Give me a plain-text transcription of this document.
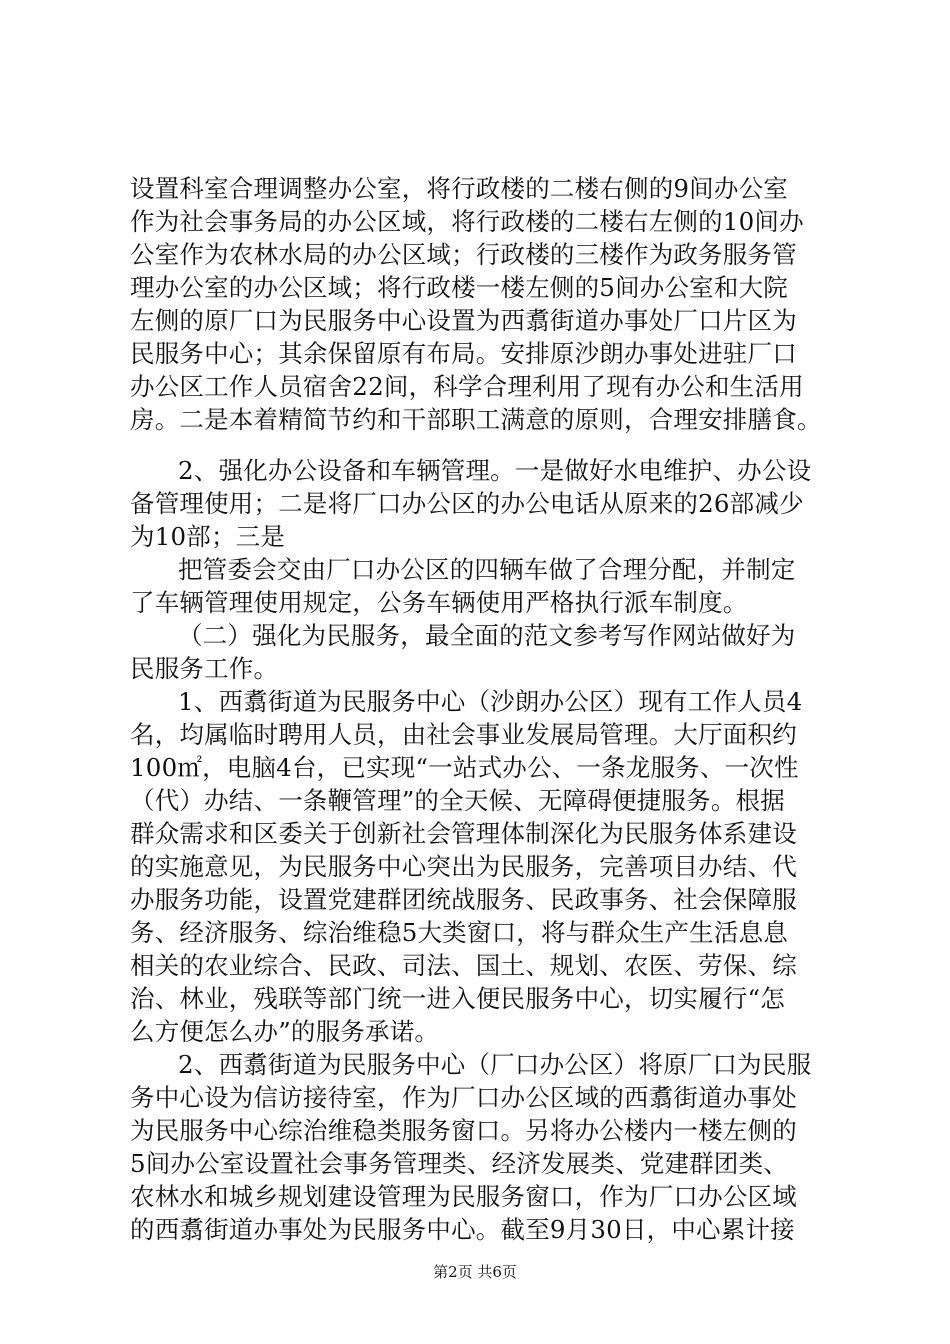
设置科室合理调整办公室，将行政楼的二楼右侧的9间办公室
作为社会事务局的办公区域，将行政楼的二楼右左侧的10间办
公室作为农林水局的办公区域；行政楼的三楼作为政务服务管
理办公室的办公区域；将行政楼一楼左侧的5间办公室和大院
左侧的原厂口为民服务中心设置为西翥街道办事处厂口片区为
民服务中心；其余保留原有布局。安排原沙朗办事处进驻厂口
办公区工作人员宿舍22间，科学合理利用了现有办公和生活用
房。二是本着精简节约和干部职工满意的原则，合理安排膳食。
2、强化办公设备和车辆管理。一是做好水电维护、办公设
备管理使用；二是将厂口办公区的办公电话从原来的26部减少
为10部；三是
把管委会交由厂口办公区的四辆车做了合理分配，并制定
了车辆管理使用规定，公务车辆使用严格执行派车制度。
（二）强化为民服务，最全面的范文参考写作网站做好为
民服务工作。
1、西翥街道为民服务中心（沙朗办公区）现有工作人员4
名，均属临时聘用人员，由社会事业发展局管理。大厅面积约
100㎡，电脑4台，已实现“一站式办公、一条龙服务、一次性
（代）办结、一条鞭管理”的全天候、无障碍便捷服务。根据
群众需求和区委关于创新社会管理体制深化为民服务体系建设
的实施意见，为民服务中心突出为民服务，完善项目办结、代
办服务功能，设置党建群团统战服务、民政事务、社会保障服
务、经济服务、综治维稳5大类窗口，将与群众生产生活息息
相关的农业综合、民政、司法、国土、规划、农医、劳保、综
治、林业，残联等部门统一进入便民服务中心，切实履行“怎
么方便怎么办”的服务承诺。
2、西翥街道为民服务中心（厂口办公区）将原厂口为民服
务中心设为信访接待室，作为厂口办公区域的西翥街道办事处
为民服务中心综治维稳类服务窗口。另将办公楼内一楼左侧的
5间办公室设置社会事务管理类、经济发展类、党建群团类、
农林水和城乡规划建设管理为民服务窗口，作为厂口办公区域
的西翥街道办事处为民服务中心。截至9月30日，中心累计接
第2页 共6页
